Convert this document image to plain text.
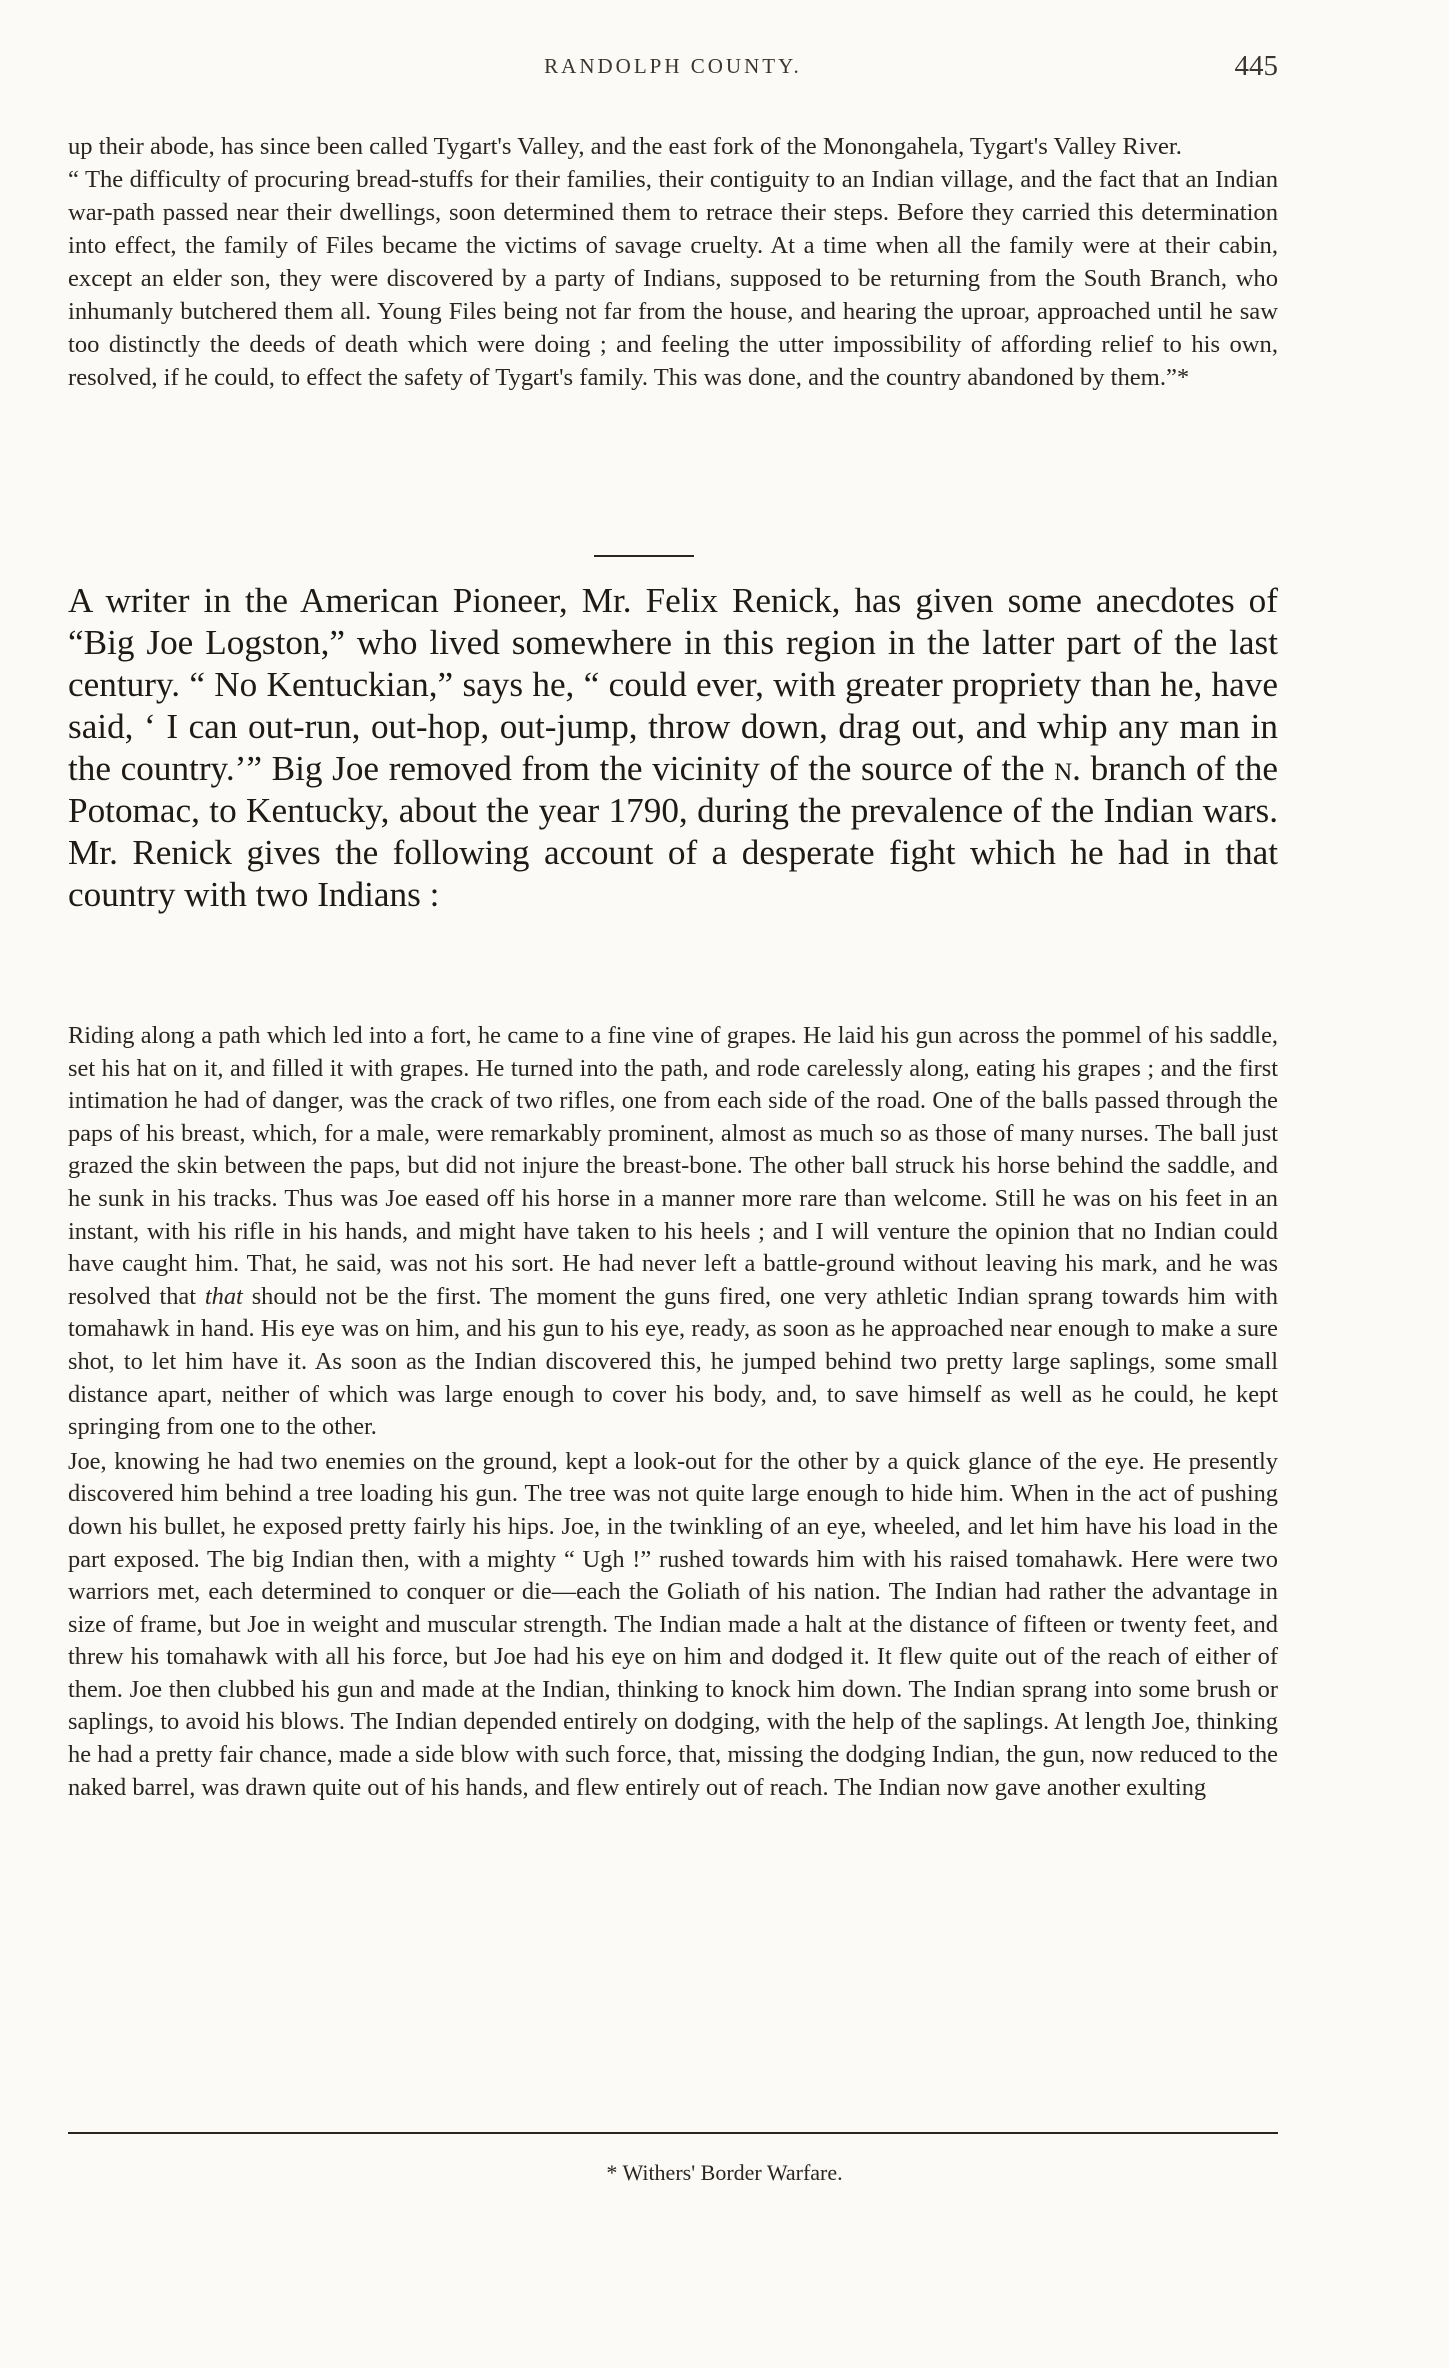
RANDOLPH COUNTY.	445

up their abode, has since been called Tygart's Valley, and the east fork of the Monongahela, Tygart's Valley River.

“ The difficulty of procuring bread-stuffs for their families, their contiguity to an Indian village, and the fact that an Indian war-path passed near their dwellings, soon determined them to retrace their steps. Before they carried this determination into effect, the family of Files became the victims of savage cruelty. At a time when all the family were at their cabin, except an elder son, they were discovered by a party of Indians, supposed to be returning from the South Branch, who inhumanly butchered them all. Young Files being not far from the house, and hearing the uproar, approached until he saw too distinctly the deeds of death which were doing ; and feeling the utter impossibility of affording relief to his own, resolved, if he could, to effect the safety of Tygart's family. This was done, and the country abandoned by them.”*

A writer in the American Pioneer, Mr. Felix Renick, has given some anecdotes of “Big Joe Logston,” who lived somewhere in this region in the latter part of the last century. “ No Kentuckian,” says he, “ could ever, with greater propriety than he, have said, ‘ I can out-run, out-hop, out-jump, throw down, drag out, and whip any man in the country.’” Big Joe removed from the vicinity of the source of the n. branch of the Potomac, to Kentucky, about the year 1790, during the prevalence of the Indian wars. Mr. Renick gives the following account of a desperate fight which he had in that country with two Indians :

Riding along a path which led into a fort, he came to a fine vine of grapes. He laid his gun across the pommel of his saddle, set his hat on it, and filled it with grapes. He turned into the path, and rode carelessly along, eating his grapes ; and the first intimation he had of danger, was the crack of two rifles, one from each side of the road. One of the balls passed through the paps of his breast, which, for a male, were remarkably prominent, almost as much so as those of many nurses. The ball just grazed the skin between the paps, but did not injure the breast-bone. The other ball struck his horse behind the saddle, and he sunk in his tracks. Thus was Joe eased off his horse in a manner more rare than welcome. Still he was on his feet in an instant, with his rifle in his hands, and might have taken to his heels ; and I will venture the opinion that no Indian could have caught him. That, he said, was not his sort. He had never left a battle-ground without leaving his mark, and he was resolved that that should not be the first. The moment the guns fired, one very athletic Indian sprang towards him with tomahawk in hand. His eye was on him, and his gun to his eye, ready, as soon as he approached near enough to make a sure shot, to let him have it. As soon as the Indian discovered this, he jumped behind two pretty large saplings, some small distance apart, neither of which was large enough to cover his body, and, to save himself as well as he could, he kept springing from one to the other.

Joe, knowing he had two enemies on the ground, kept a look-out for the other by a quick glance of the eye. He presently discovered him behind a tree loading his gun. The tree was not quite large enough to hide him. When in the act of pushing down his bullet, he exposed pretty fairly his hips. Joe, in the twinkling of an eye, wheeled, and let him have his load in the part exposed. The big Indian then, with a mighty “ Ugh !” rushed towards him with his raised tomahawk. Here were two warriors met, each determined to conquer or die—each the Goliath of his nation. The Indian had rather the advantage in size of frame, but Joe in weight and muscular strength. The Indian made a halt at the distance of fifteen or twenty feet, and threw his tomahawk with all his force, but Joe had his eye on him and dodged it. It flew quite out of the reach of either of them. Joe then clubbed his gun and made at the Indian, thinking to knock him down. The Indian sprang into some brush or saplings, to avoid his blows. The Indian depended entirely on dodging, with the help of the saplings. At length Joe, thinking he had a pretty fair chance, made a side blow with such force, that, missing the dodging Indian, the gun, now reduced to the naked barrel, was drawn quite out of his hands, and flew entirely out of reach. The Indian now gave another exulting

* Withers' Border Warfare.
